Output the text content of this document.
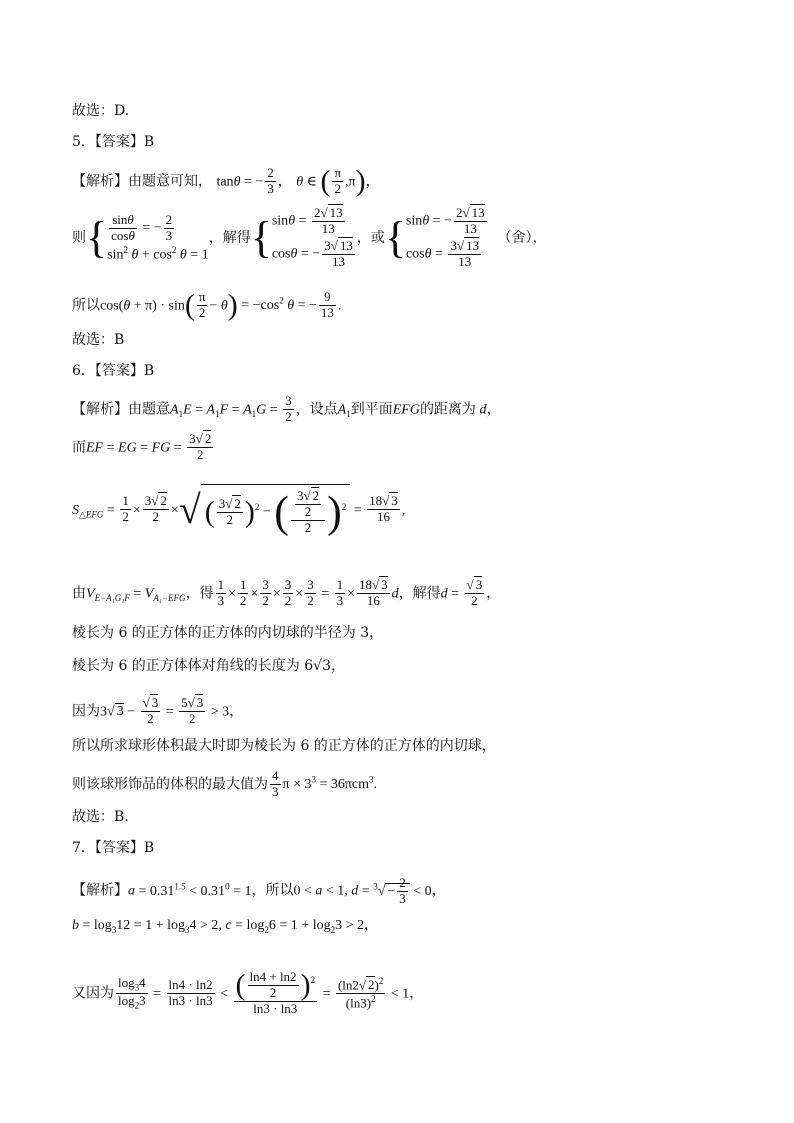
故选：D.
5．【答案】B
【解析】由题意可知， tanθ = − $\frac{2}{3}$ ， θ ∈ ( $\frac{\pi}{2} ,\pi$)，
则{ $\frac{\sin\theta}{\cos\theta}$ = − $\frac{2}{3}$
$\sin^2 \theta + \cos^2 \theta = 1$
，解得{ $\sin\theta = \frac{2√ 13}{13}$
cosθ = − $\frac{3√ 13}{13}$
，或{ sinθ = − $\frac{2√ 13}{13}$
$\cos\theta = \frac{3√ 13}{13}$
（舍），
所以$\cos(\theta + \pi) \cdot \sin( \frac{\pi}{2} - \theta) = -\cos^2$ θ = − $\frac{9}{13}$ .
故选：B
6．【答案】B
【解析】由题意$A_1E = A_1F = A_1G = \frac{3}{2}$ ，设点$A_1$到平面EFG的距离为 d，
而EF = EG = FG = $\frac{3√ 2}{2}$
$S_{\triangle EFG} = \frac{1}{2} \times \frac{3√ 2}{2}$ ×√ ( $\frac{3√ 2}{2} )^2$ − ( $\frac{\frac{3√ 2}{2}}{2} )^2 = \frac{18√ 3}{16}$ ,
由$V_{E-A_1G_1F} = V_{A_1-EFG}$，得 $\frac{1}{3} \times \frac{1}{2} \times \frac{3}{2} \times \frac{3}{2} \times \frac{3}{2} = \frac{1}{3} \times \frac{18√ 3}{16}$ d，解得$d = \frac{√ 3}{2}$ ，
棱长为 6 的正方体的正方体的内切球的半径为 3，
棱长为 6 的正方体体对角线的长度为 6√3，
因为3√ $3 - \frac{√ 3}{2} = \frac{5√ 3}{2} > 3$，
所以所求球形体积最大时即为棱长为 6 的正方体的正方体的内切球，
则该球形饰品的体积的最大值为 $\frac{4}{3}$ $\pi \times 3^3 = 36\pi cm^3$.
故选：B.
7．【答案】B
【解析】$a = 0.31^{1.5} < 0.31^0 = 1$，所以0 < a < 1, $d = ^3√ - \frac{2}{3} < 0$，
$b = \log_312 = 1 + \log_34 > 2$, $c = \log_26 = 1 + \log_23 > 2$，
又因为 $\frac{\log_34}{\log_23} = \frac{\ln 4 \cdot \ln 2}{\ln 3 \cdot \ln 3} < \frac{( \frac{\ln 4 + \ln 2}{2} )^2}{\ln 3 \cdot \ln 3} = \frac{(\ln 2√ 2)^2}{(\ln 3)^2} < 1$，
